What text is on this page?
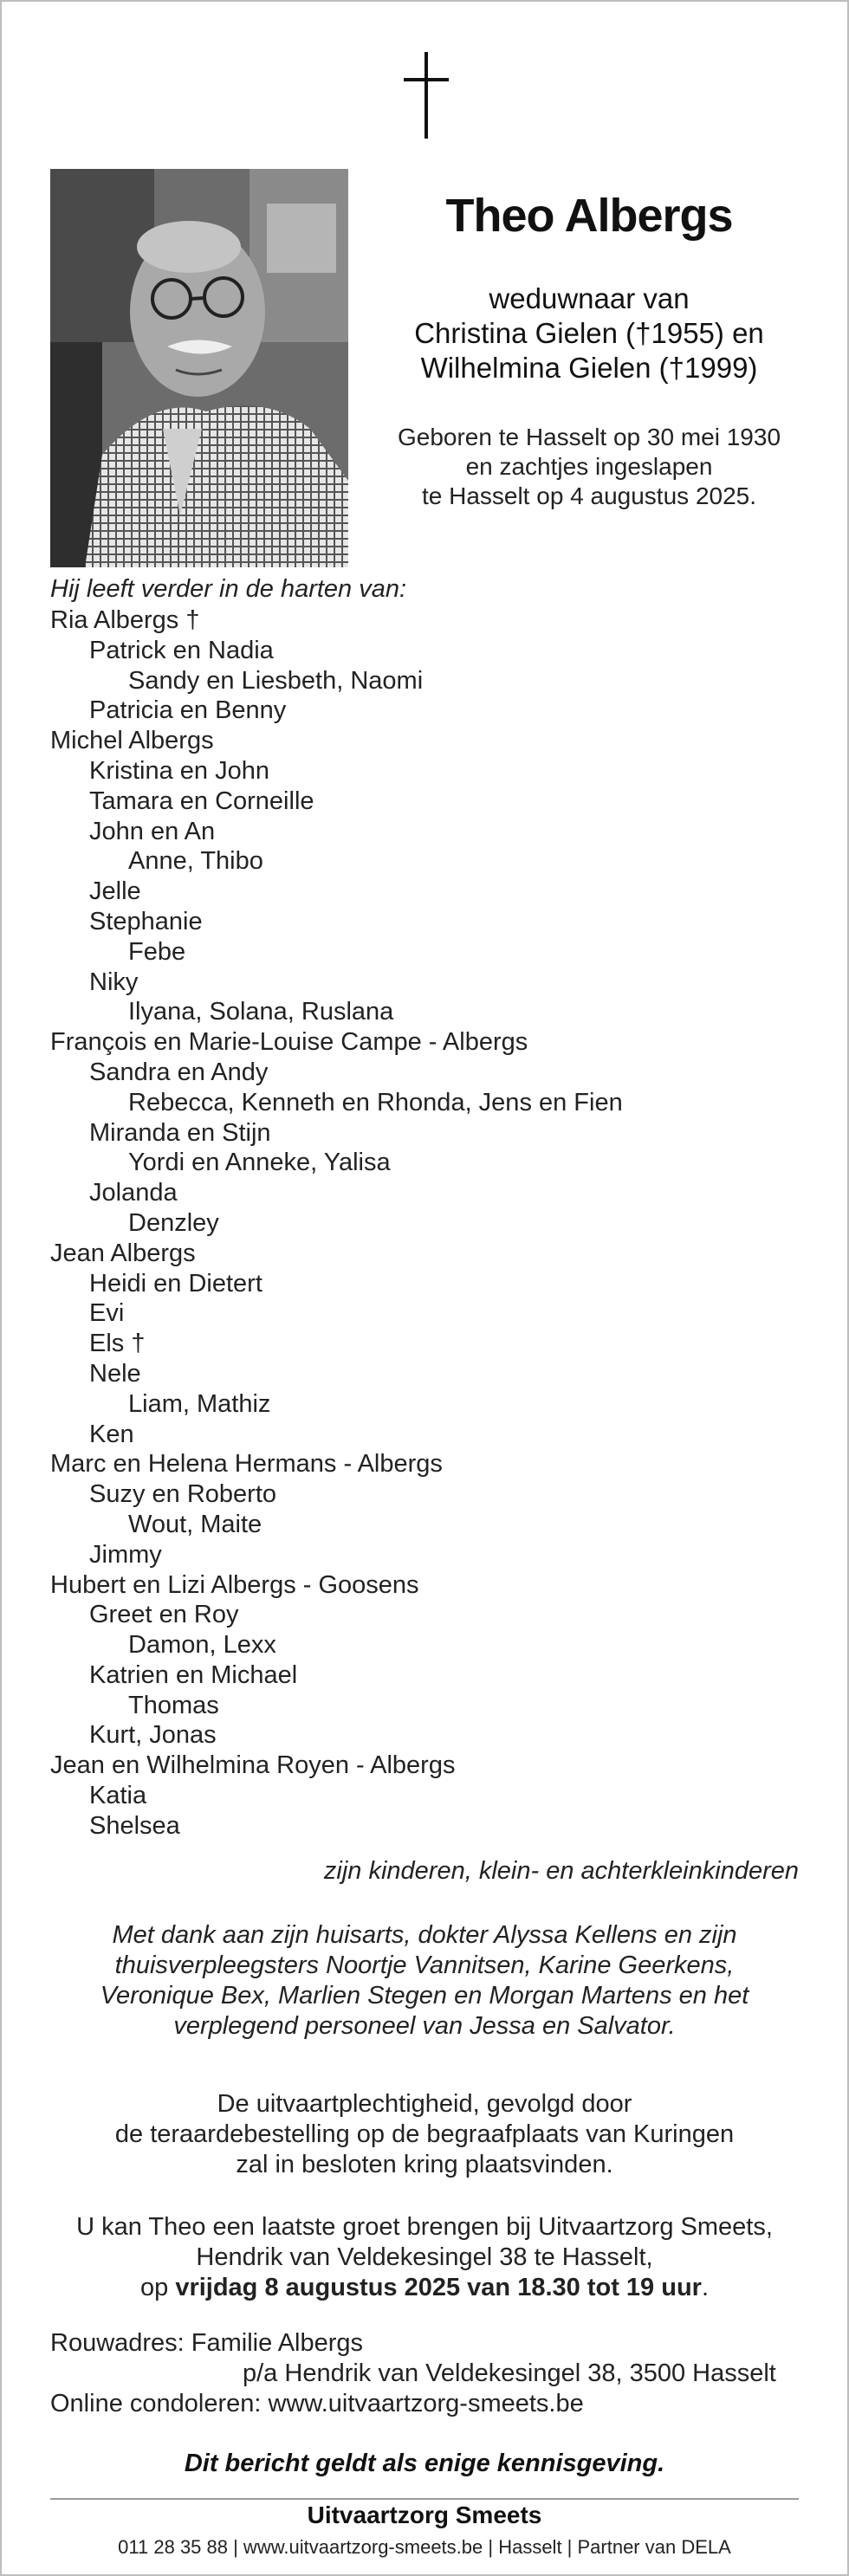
Theo Albergs
weduwnaar van
Christina Gielen (†1955) en
Wilhelmina Gielen (†1999)
Geboren te Hasselt op 30 mei 1930
en zachtjes ingeslapen
te Hasselt op 4 augustus 2025.
Hij leeft verder in de harten van:
Ria Albergs †
Patrick en Nadia
Sandy en Liesbeth, Naomi
Patricia en Benny
Michel Albergs
Kristina en John
Tamara en Corneille
John en An
Anne, Thibo
Jelle
Stephanie
Febe
Niky
Ilyana, Solana, Ruslana
François en Marie-Louise Campe - Albergs
Sandra en Andy
Rebecca, Kenneth en Rhonda, Jens en Fien
Miranda en Stijn
Yordi en Anneke, Yalisa
Jolanda
Denzley
Jean Albergs
Heidi en Dietert
Evi
Els †
Nele
Liam, Mathiz
Ken
Marc en Helena Hermans - Albergs
Suzy en Roberto
Wout, Maite
Jimmy
Hubert en Lizi Albergs - Goosens
Greet en Roy
Damon, Lexx
Katrien en Michael
Thomas
Kurt, Jonas
Jean en Wilhelmina Royen - Albergs
Katia
Shelsea
zijn kinderen, klein- en achterkleinkinderen
Met dank aan zijn huisarts, dokter Alyssa Kellens en zijn
thuisverpleegsters Noortje Vannitsen, Karine Geerkens,
Veronique Bex, Marlien Stegen en Morgan Martens en het
verplegend personeel van Jessa en Salvator.
De uitvaartplechtigheid, gevolgd door
de teraardebestelling op de begraafplaats van Kuringen
zal in besloten kring plaatsvinden.
U kan Theo een laatste groet brengen bij Uitvaartzorg Smeets,
Hendrik van Veldekesingel 38 te Hasselt,
op vrijdag 8 augustus 2025 van 18.30 tot 19 uur.
Rouwadres: Familie Albergs
p/a Hendrik van Veldekesingel 38, 3500 Hasselt
Online condoleren: www.uitvaartzorg-smeets.be
Dit bericht geldt als enige kennisgeving.
Uitvaartzorg Smeets
011 28 35 88 | www.uitvaartzorg-smeets.be | Hasselt | Partner van DELA
